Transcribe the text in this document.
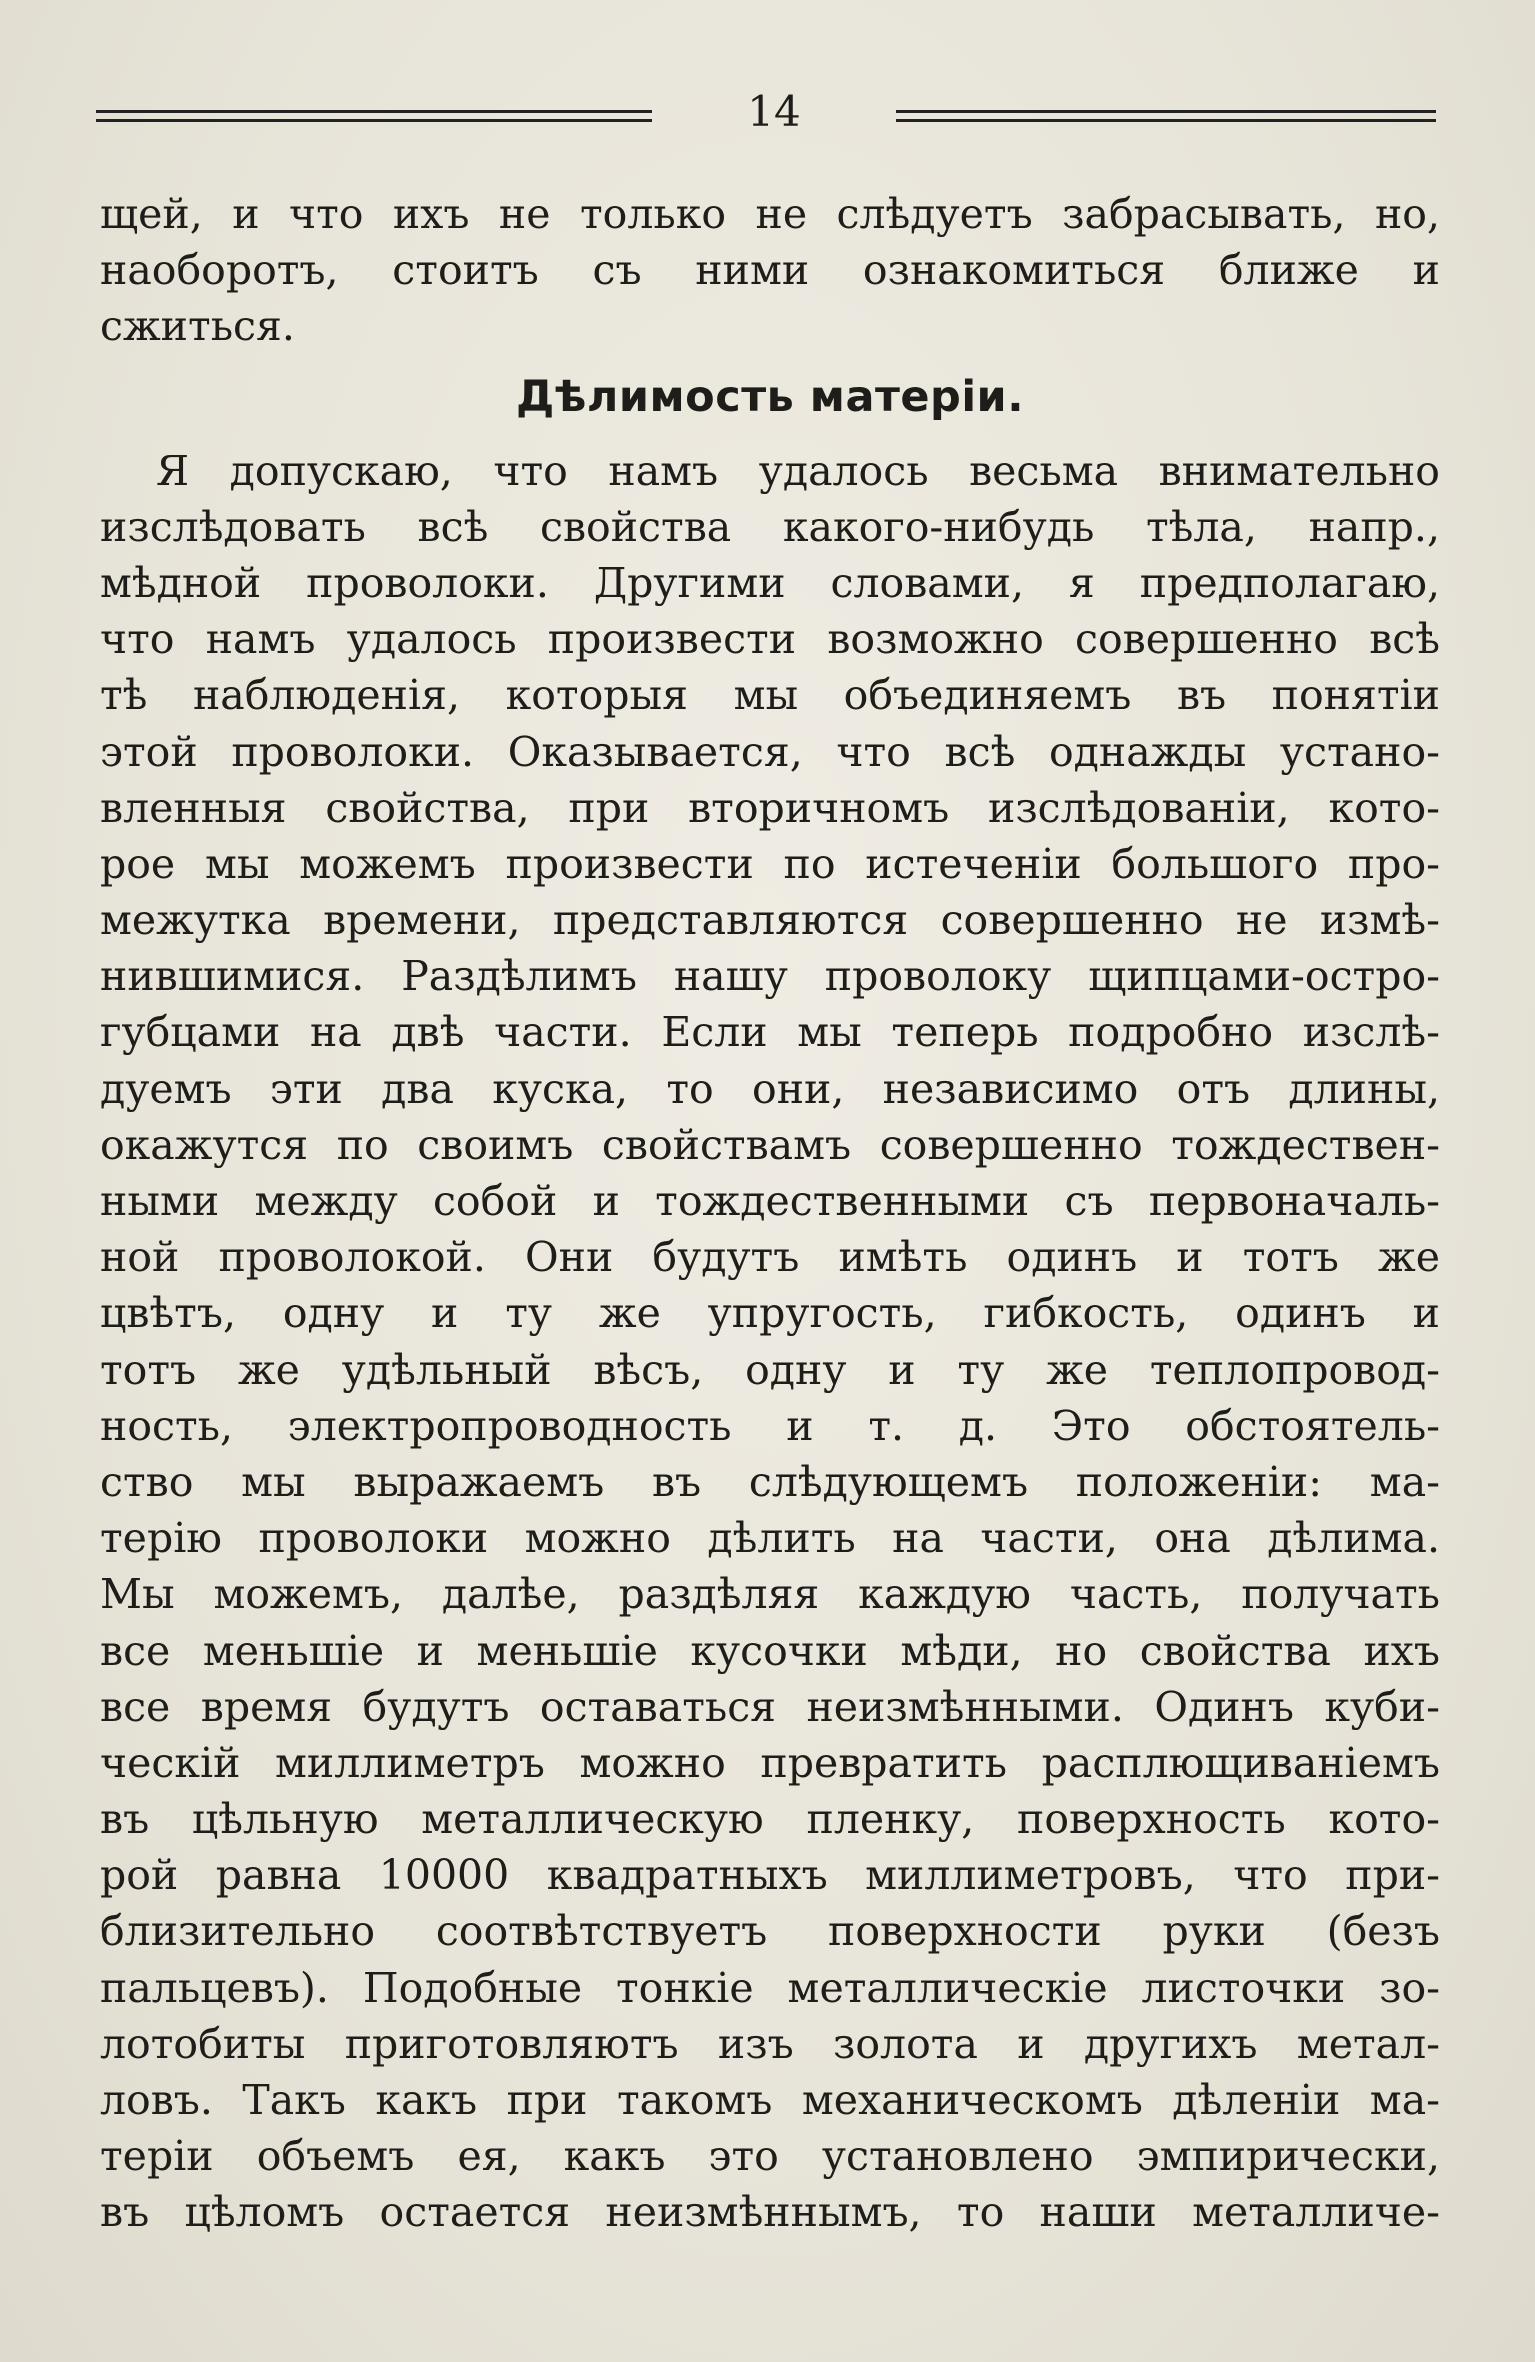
14
щей, и что ихъ не только не слѣдуетъ забрасывать, но,
наоборотъ, стоитъ съ ними ознакомиться ближе и
сжиться.
Дѣлимость матеріи.
Я допускаю, что намъ удалось весьма внимательно
изслѣдовать всѣ свойства какого-нибудь тѣла, напр.,
мѣдной проволоки. Другими словами, я предполагаю,
что намъ удалось произвести возможно совершенно всѣ
тѣ наблюденія, которыя мы объединяемъ въ понятіи
этой проволоки. Оказывается, что всѣ однажды устано-
вленныя свойства, при вторичномъ изслѣдованіи, кото-
рое мы можемъ произвести по истеченіи большого про-
межутка времени, представляются совершенно не измѣ-
нившимися. Раздѣлимъ нашу проволоку щипцами-остро-
губцами на двѣ части. Если мы теперь подробно изслѣ-
дуемъ эти два куска, то они, независимо отъ длины,
окажутся по своимъ свойствамъ совершенно тождествен-
ными между собой и тождественными съ первоначаль-
ной проволокой. Они будутъ имѣть одинъ и тотъ же
цвѣтъ, одну и ту же упругость, гибкость, одинъ и
тотъ же удѣльный вѣсъ, одну и ту же теплопровод-
ность, электропроводность и т. д. Это обстоятель-
ство мы выражаемъ въ слѣдующемъ положеніи: ма-
терію проволоки можно дѣлить на части, она дѣлима.
Мы можемъ, далѣе, раздѣляя каждую часть, получать
все меньшіе и меньшіе кусочки мѣди, но свойства ихъ
все время будутъ оставаться неизмѣнными. Одинъ куби-
ческій миллиметръ можно превратить расплющиваніемъ
въ цѣльную металлическую пленку, поверхность кото-
рой равна 10000 квадратныхъ миллиметровъ, что при-
близительно соотвѣтствуетъ поверхности руки (безъ
пальцевъ). Подобные тонкіе металлическіе листочки зо-
лотобиты приготовляютъ изъ золота и другихъ метал-
ловъ. Такъ какъ при такомъ механическомъ дѣленіи ма-
теріи объемъ ея, какъ это установлено эмпирически,
въ цѣломъ остается неизмѣннымъ, то наши металличе-
